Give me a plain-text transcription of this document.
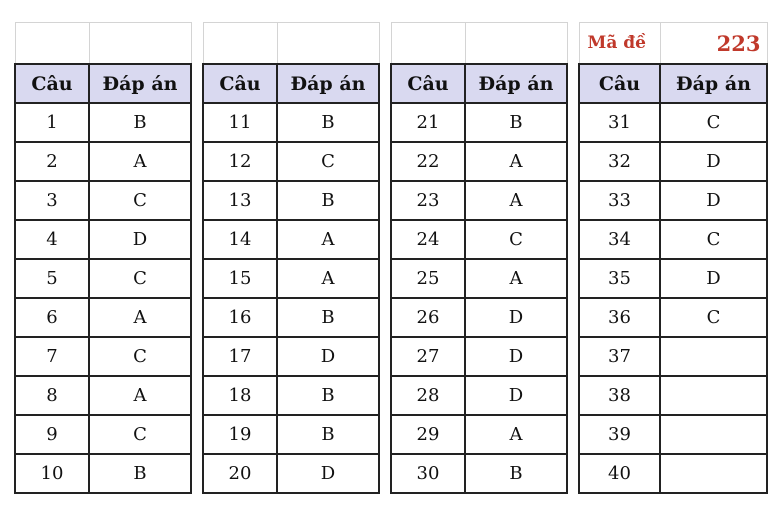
Câu	Đáp án
1	B
2	A
3	C
4	D
5	C
6	A
7	C
8	A
9	C
10	B

Câu	Đáp án
11	B
12	C
13	B
14	A
15	A
16	B
17	D
18	B
19	B
20	D

Câu	Đáp án
21	B
22	A
23	A
24	C
25	A
26	D
27	D
28	D
29	A
30	B
Mã đề	223
Câu	Đáp án
31	C
32	D
33	D
34	C
35	D
36	C
37	
38	
39	
40	
